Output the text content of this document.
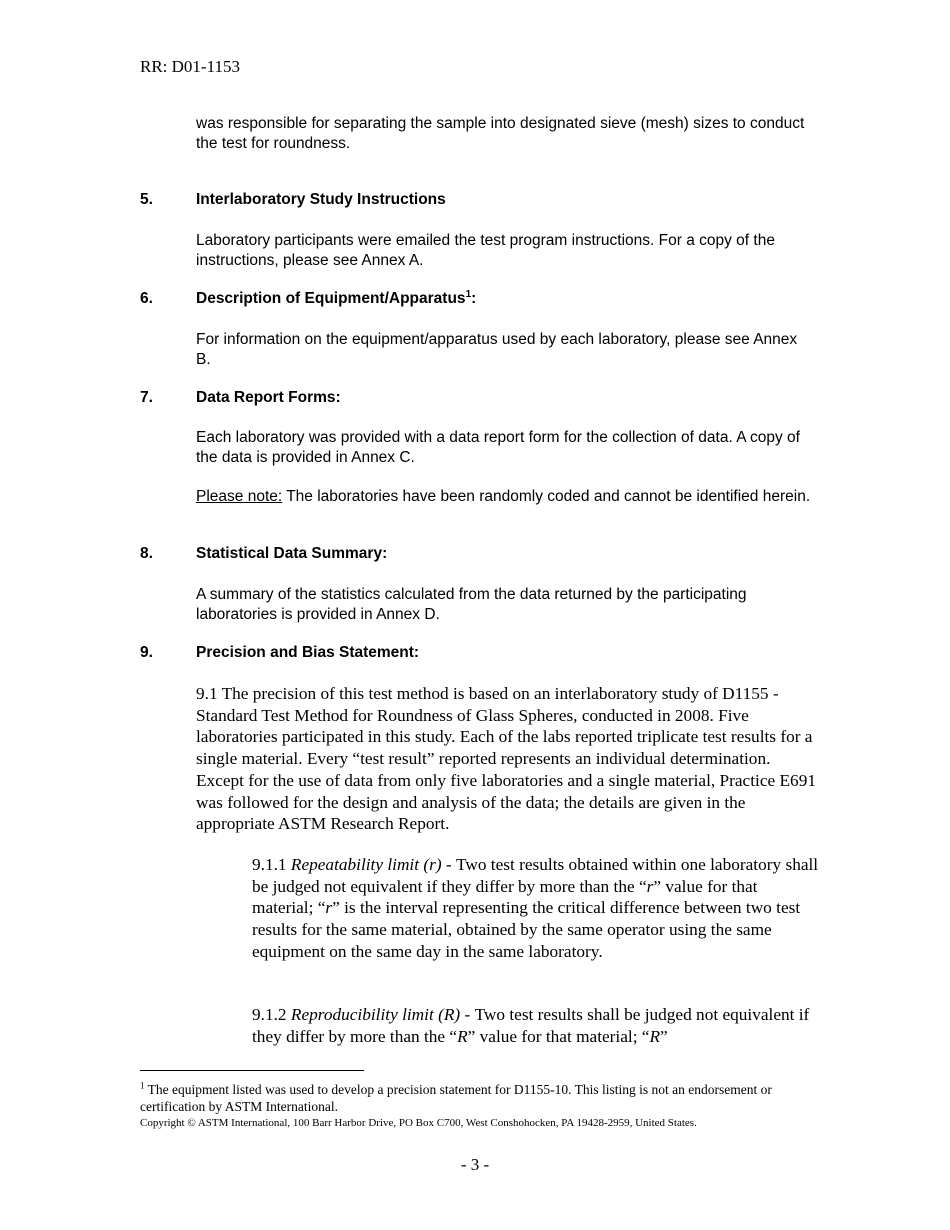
RR: D01-1153
was responsible for separating the sample into designated sieve (mesh) sizes to conduct the test for roundness.
5.	Interlaboratory Study Instructions
Laboratory participants were emailed the test program instructions. For a copy of the instructions, please see Annex A.
6.	Description of Equipment/Apparatus$^1$:
For information on the equipment/apparatus used by each laboratory, please see Annex B.
7.	Data Report Forms:
Each laboratory was provided with a data report form for the collection of data. A copy of the data is provided in Annex C.
Please note: The laboratories have been randomly coded and cannot be identified herein.
8.	Statistical Data Summary:
A summary of the statistics calculated from the data returned by the participating laboratories is provided in Annex D.
9.	Precision and Bias Statement:
9.1 The precision of this test method is based on an interlaboratory study of D1155 - Standard Test Method for Roundness of Glass Spheres, conducted in 2008. Five laboratories participated in this study. Each of the labs reported triplicate test results for a single material. Every “test result” reported represents an individual determination. Except for the use of data from only five laboratories and a single material, Practice E691 was followed for the design and analysis of the data; the details are given in the appropriate ASTM Research Report.
9.1.1 Repeatability limit (r) - Two test results obtained within one laboratory shall be judged not equivalent if they differ by more than the “r” value for that material; “r” is the interval representing the critical difference between two test results for the same material, obtained by the same operator using the same equipment on the same day in the same laboratory.
9.1.2 Reproducibility limit (R) - Two test results shall be judged not equivalent if they differ by more than the “R” value for that material; “R”
$^1$ The equipment listed was used to develop a precision statement for D1155-10. This listing is not an endorsement or certification by ASTM International.
Copyright © ASTM International, 100 Barr Harbor Drive, PO Box C700, West Conshohocken, PA 19428-2959, United States.
- 3 -
